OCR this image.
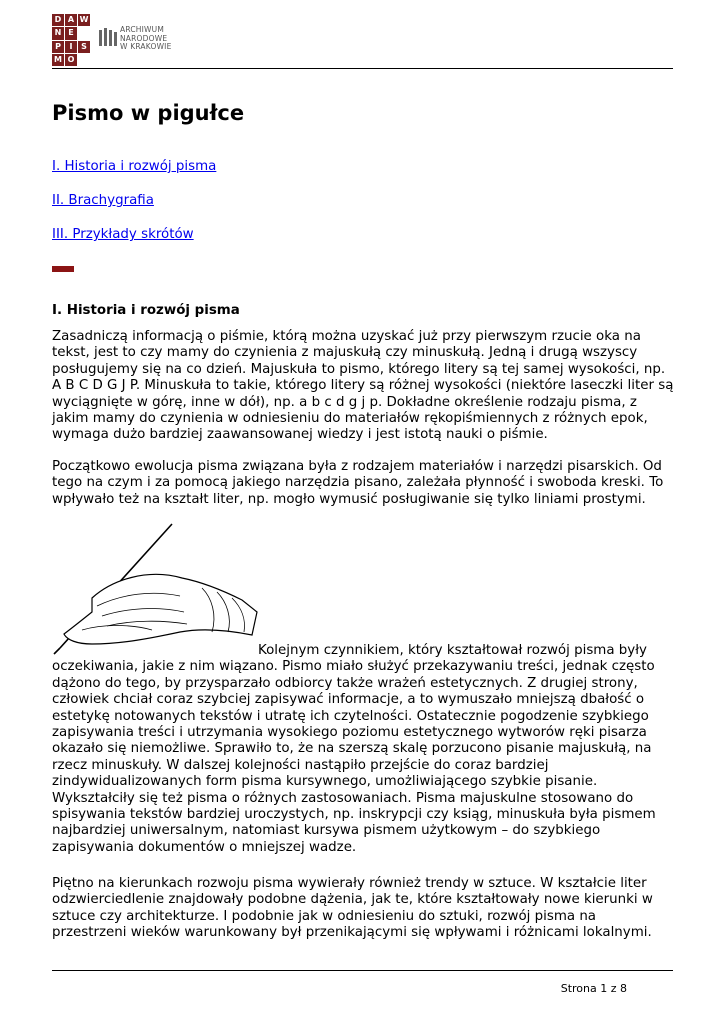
D A W
N E
P	I	S
M O
ARCHIWUM
NARODOWE
W KRAKOWIE
Pismo w pigułce
I. Historia i rozwój pisma
II. Brachygrafia
III. Przykłady skrótów
I. Historia i rozwój pisma

Zasadniczą informacją o piśmie, którą można uzyskać już przy pierwszym rzucie oka na tekst, jest to czy mamy do czynienia z majuskułą czy minuskułą. Jedną i drugą wszyscy posługujemy się na co dzień. Majuskuła to pismo, którego litery są tej samej wysokości, np. A B C D G J P. Minuskuła to takie, którego litery są różnej wysokości (niektóre laseczki liter są wyciągnięte w górę, inne w dół), np. a b c d g j p. Dokładne określenie rodzaju pisma, z jakim mamy do czynienia w odniesieniu do materiałów rękopiśmiennych z różnych epok, wymaga dużo bardziej zaawansowanej wiedzy i jest istotą nauki o piśmie.

Początkowo ewolucja pisma związana była z rodzajem materiałów i narzędzi pisarskich. Od tego na czym i za pomocą jakiego narzędzia pisano, zależała płynność i swoboda kreski. To wpływało też na kształt liter, np. mogło wymusić posługiwanie się tylko liniami prostymi.

Kolejnym czynnikiem, który kształtował rozwój pisma były
oczekiwania, jakie z nim wiązano. Pismo miało służyć przekazywaniu treści, jednak często dążono do tego, by przysparzało odbiorcy także wrażeń estetycznych. Z drugiej strony, człowiek chciał coraz szybciej zapisywać informacje, a to wymuszało mniejszą dbałość o estetykę notowanych tekstów i utratę ich czytelności. Ostatecznie pogodzenie szybkiego zapisywania treści i utrzymania wysokiego poziomu estetycznego wytworów ręki pisarza okazało się niemożliwe. Sprawiło to, że na szerszą skalę porzucono pisanie majuskułą, na rzecz minuskuły. W dalszej kolejności nastąpiło przejście do coraz bardziej zindywidualizowanych form pisma kursywnego, umożliwiającego szybkie pisanie. Wykształciły się też pisma o różnych zastosowaniach. Pisma majuskulne stosowano do spisywania tekstów bardziej uroczystych, np. inskrypcji czy ksiąg, minuskuła była pismem najbardziej uniwersalnym, natomiast kursywa pismem użytkowym – do szybkiego zapisywania dokumentów o mniejszej wadze.

Piętno na kierunkach rozwoju pisma wywierały również trendy w sztuce. W kształcie liter odzwierciedlenie znajdowały podobne dążenia, jak te, które kształtowały nowe kierunki w sztuce czy architekturze. I podobnie jak w odniesieniu do sztuki, rozwój pisma na przestrzeni wieków warunkowany był przenikającymi się wpływami i różnicami lokalnymi.

Strona 1 z 8
